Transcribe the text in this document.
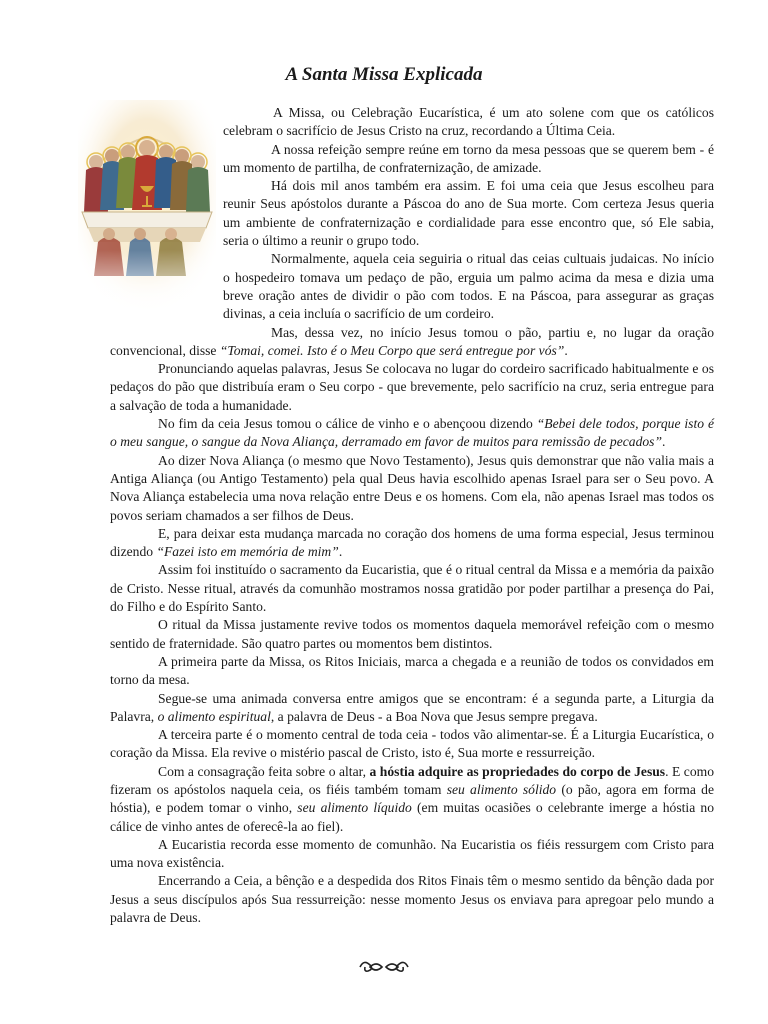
A Santa Missa Explicada

A Missa, ou Celebração Eucarística, é um ato solene com que os católicos celebram o sacrifício de Jesus Cristo na cruz, recordando a Última Ceia.

A nossa refeição sempre reúne em torno da mesa pessoas que se querem bem - é um momento de partilha, de confraternização, de amizade.

Há dois mil anos também era assim. E foi uma ceia que Jesus escolheu para reunir Seus apóstolos durante a Páscoa do ano de Sua morte. Com certeza Jesus queria um ambiente de confraternização e cordialidade para esse encontro que, só Ele sabia, seria o último a reunir o grupo todo.

Normalmente, aquela ceia seguiria o ritual das ceias cultuais judaicas. No início o hospedeiro tomava um pedaço de pão, erguia um palmo acima da mesa e dizia uma breve oração antes de dividir o pão com todos. E na Páscoa, para assegurar as graças divinas, a ceia incluía o sacrifício de um cordeiro.

Mas, dessa vez, no início Jesus tomou o pão, partiu e, no lugar da oração convencional, disse “Tomai, comei. Isto é o Meu Corpo que será entregue por vós”.

Pronunciando aquelas palavras, Jesus Se colocava no lugar do cordeiro sacrificado habitualmente e os pedaços do pão que distribuía eram o Seu corpo - que brevemente, pelo sacrifício na cruz, seria entregue para a salvação de toda a humanidade.

No fim da ceia Jesus tomou o cálice de vinho e o abençoou dizendo “Bebei dele todos, porque isto é o meu sangue, o sangue da Nova Aliança, derramado em favor de muitos para remissão de pecados”.

Ao dizer Nova Aliança (o mesmo que Novo Testamento), Jesus quis demonstrar que não valia mais a Antiga Aliança (ou Antigo Testamento) pela qual Deus havia escolhido apenas Israel para ser o Seu povo. A Nova Aliança estabelecia uma nova relação entre Deus e os homens. Com ela, não apenas Israel mas todos os povos seriam chamados a ser filhos de Deus.

E, para deixar esta mudança marcada no coração dos homens de uma forma especial, Jesus terminou dizendo “Fazei isto em memória de mim”.

Assim foi instituído o sacramento da Eucaristia, que é o ritual central da Missa e a memória da paixão de Cristo. Nesse ritual, através da comunhão mostramos nossa gratidão por poder partilhar a presença do Pai, do Filho e do Espírito Santo.

O ritual da Missa justamente revive todos os momentos daquela memorável refeição com o mesmo sentido de fraternidade. São quatro partes ou momentos bem distintos.

A primeira parte da Missa, os Ritos Iniciais, marca a chegada e a reunião de todos os convidados em torno da mesa.

Segue-se uma animada conversa entre amigos que se encontram: é a segunda parte, a Liturgia da Palavra, o alimento espiritual, a palavra de Deus - a Boa Nova que Jesus sempre pregava.

A terceira parte é o momento central de toda ceia - todos vão alimentar-se. É a Liturgia Eucarística, o coração da Missa. Ela revive o mistério pascal de Cristo, isto é, Sua morte e ressurreição.

Com a consagração feita sobre o altar, a hóstia adquire as propriedades do corpo de Jesus. E como fizeram os apóstolos naquela ceia, os fiéis também tomam seu alimento sólido (o pão, agora em forma de hóstia), e podem tomar o vinho, seu alimento líquido (em muitas ocasiões o celebrante imerge a hóstia no cálice de vinho antes de oferecê-la ao fiel).

A Eucaristia recorda esse momento de comunhão. Na Eucaristia os fiéis ressurgem com Cristo para uma nova existência.

Encerrando a Ceia, a bênção e a despedida dos Ritos Finais têm o mesmo sentido da bênção dada por Jesus a seus discípulos após Sua ressurreição: nesse momento Jesus os enviava para apregoar pelo mundo a palavra de Deus.
